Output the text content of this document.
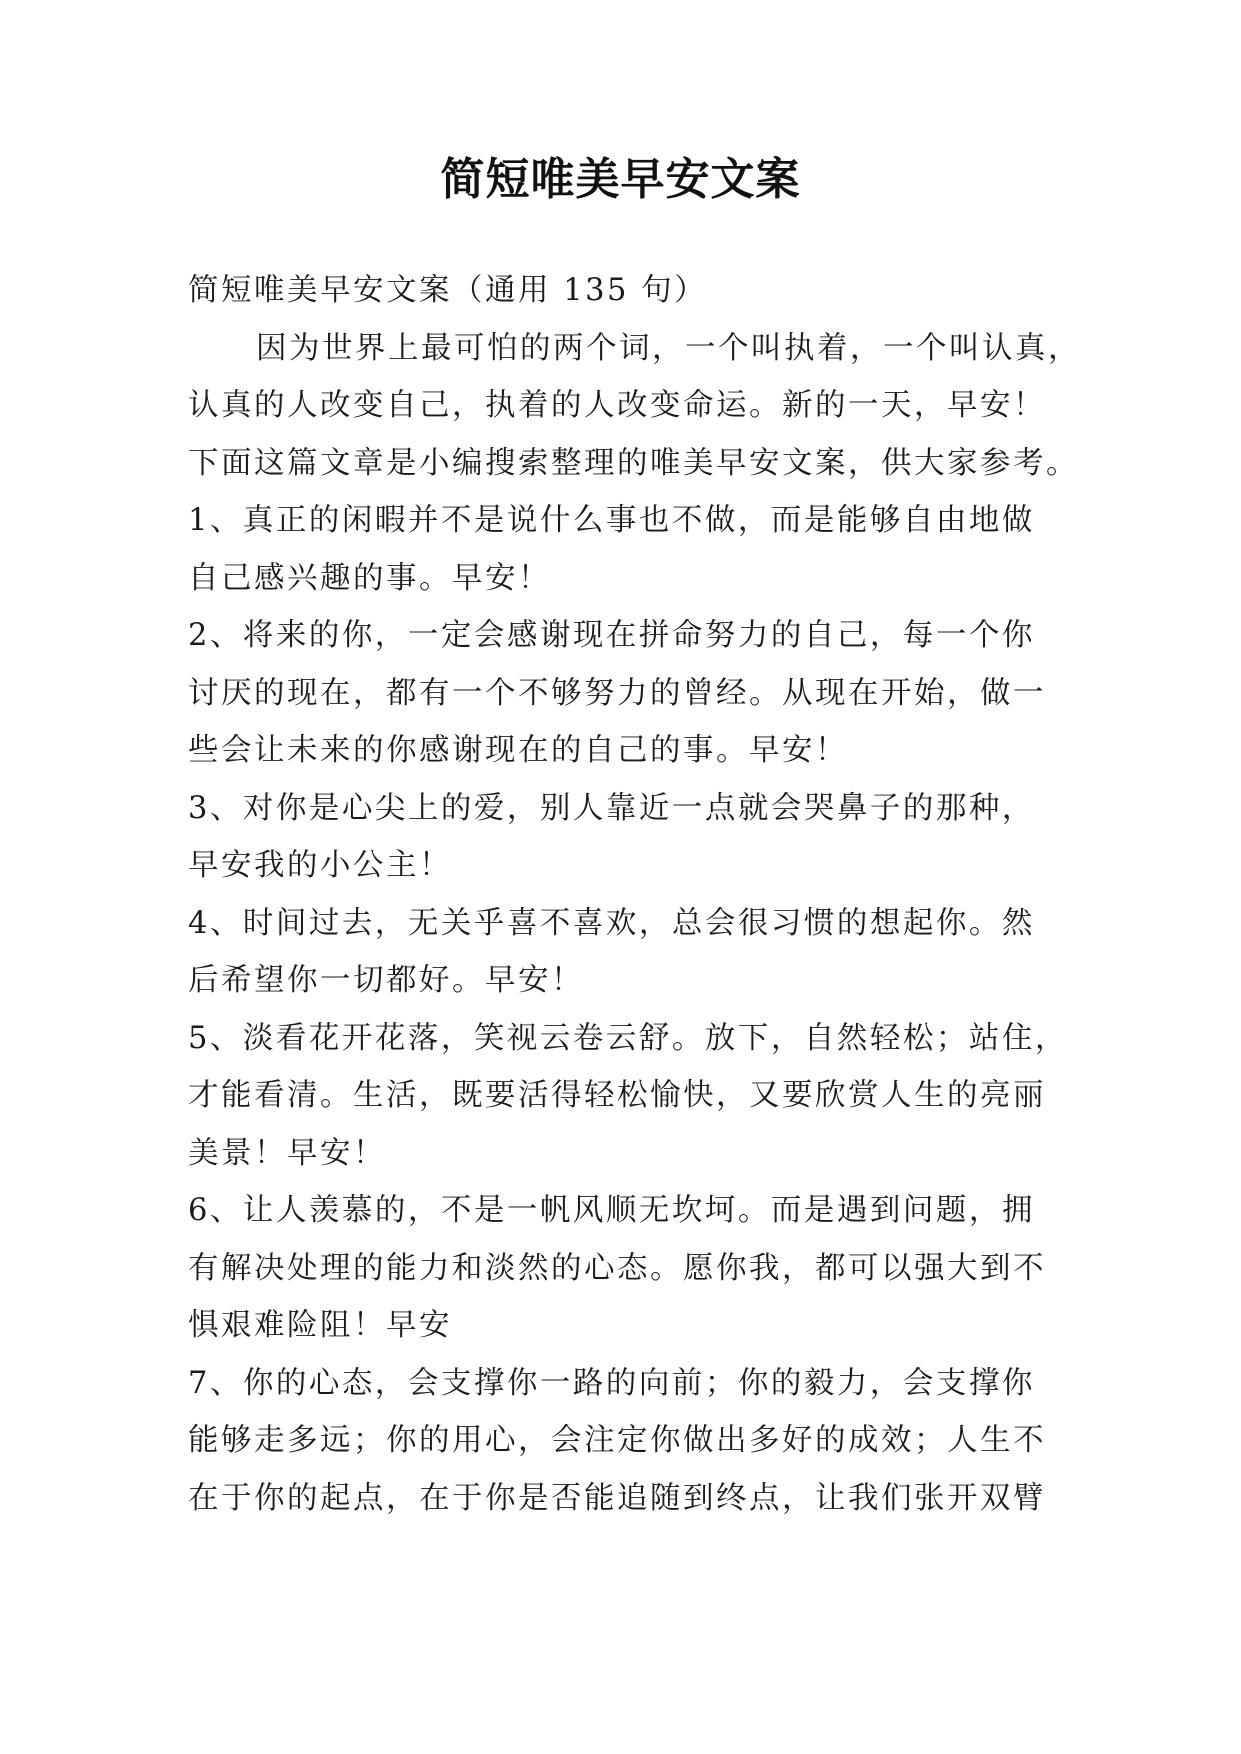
简短唯美早安文案
简短唯美早安文案（通用 135 句）
因为世界上最可怕的两个词，一个叫执着，一个叫认真，
认真的人改变自己，执着的人改变命运。新的一天，早安！
下面这篇文章是小编搜索整理的唯美早安文案，供大家参考。
1、真正的闲暇并不是说什么事也不做，而是能够自由地做
自己感兴趣的事。早安！
2、将来的你，一定会感谢现在拼命努力的自己，每一个你
讨厌的现在，都有一个不够努力的曾经。从现在开始，做一
些会让未来的你感谢现在的自己的事。早安！
3、对你是心尖上的爱，别人靠近一点就会哭鼻子的那种，
早安我的小公主！
4、时间过去，无关乎喜不喜欢，总会很习惯的想起你。然
后希望你一切都好。早安！
5、淡看花开花落，笑视云卷云舒。放下，自然轻松；站住，
才能看清。生活，既要活得轻松愉快，又要欣赏人生的亮丽
美景！早安！
6、让人羡慕的，不是一帆风顺无坎坷。而是遇到问题，拥
有解决处理的能力和淡然的心态。愿你我，都可以强大到不
惧艰难险阻！早安
7、你的心态，会支撑你一路的向前；你的毅力，会支撑你
能够走多远；你的用心，会注定你做出多好的成效；人生不
在于你的起点，在于你是否能追随到终点，让我们张开双臂
